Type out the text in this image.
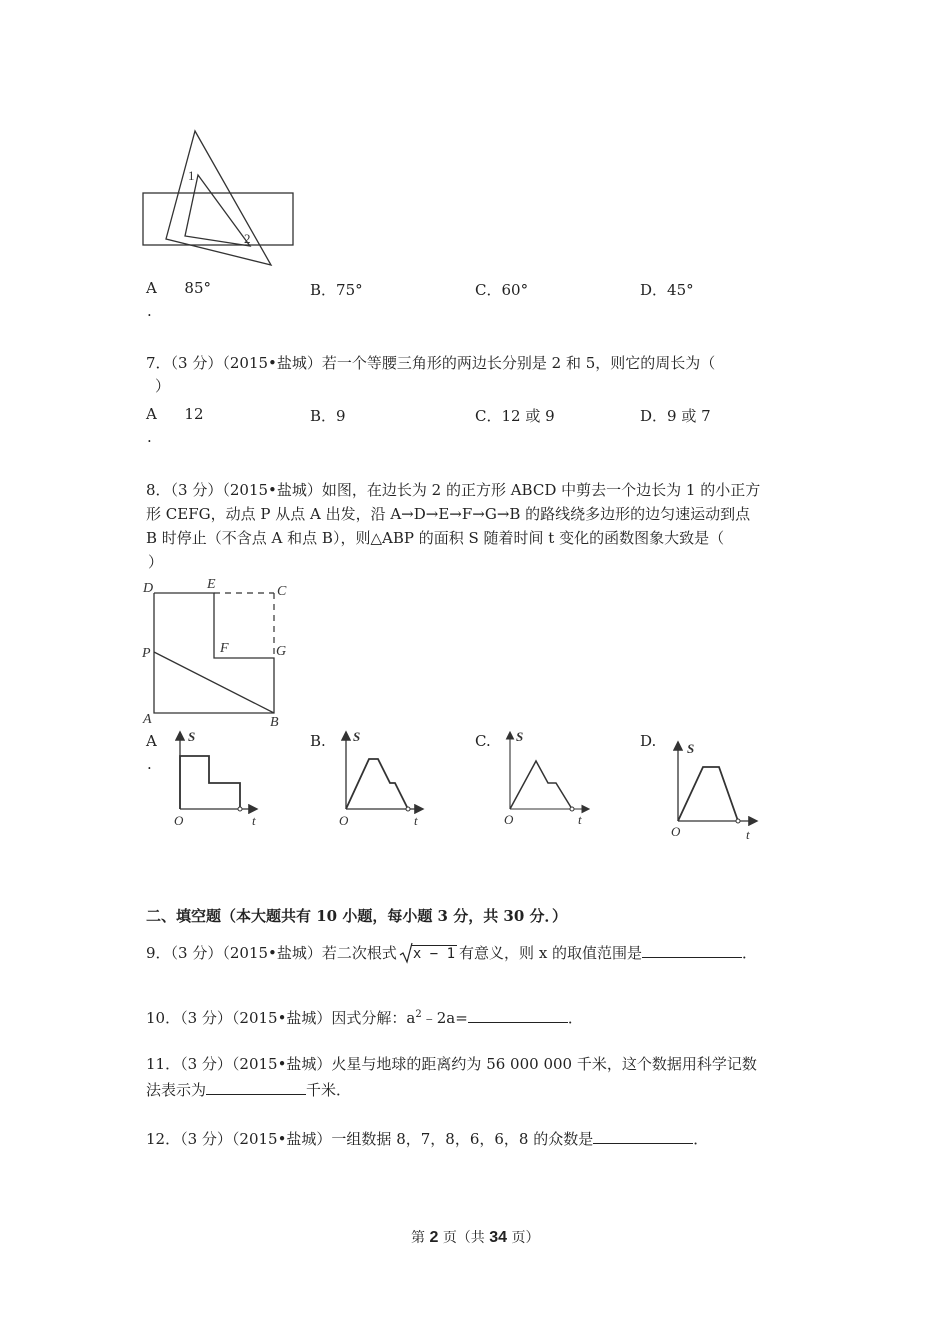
1
2
A 85°
.
B．75°	C．60°	D．45°
7．（3 分）（2015•盐城）若一个等腰三角形的两边长分别是 2 和 5，则它的周长为（
）
A 12
.
B．9	C．12 或 9	D．9 或 7
8．（3 分）（2015•盐城）如图，在边长为 2 的正方形 ABCD 中剪去一个边长为 1 的小正方
形 CEFG，动点 P 从点 A 出发，沿 A→D→E→F→G→B 的路线绕多边形的边匀速运动到点
B 时停止（不含点 A 和点 B），则△ABP 的面积 S 随着时间 t 变化的函数图象大致是（
）
D	E	C
F	G
P
A	B
A
.
B.	C.	D.
S
O	t
S
O	t
S
O	t
S
O	t
二、填空题（本大题共有 10 小题，每小题 3 分，共 30 分．）
9．（3 分）（2015•盐城）若二次根式 x − 1 有意义，则 x 的取值范围是	．
10．（3 分）（2015•盐城）因式分解：$a^2﹣2a=$	．
11．（3 分）（2015•盐城）火星与地球的距离约为 56 000 000 千米，这个数据用科学记数
法表示为	千米．
12．（3 分）（2015•盐城）一组数据 8，7，8，6，6，8 的众数是	．
第 2 页（共 34 页）
